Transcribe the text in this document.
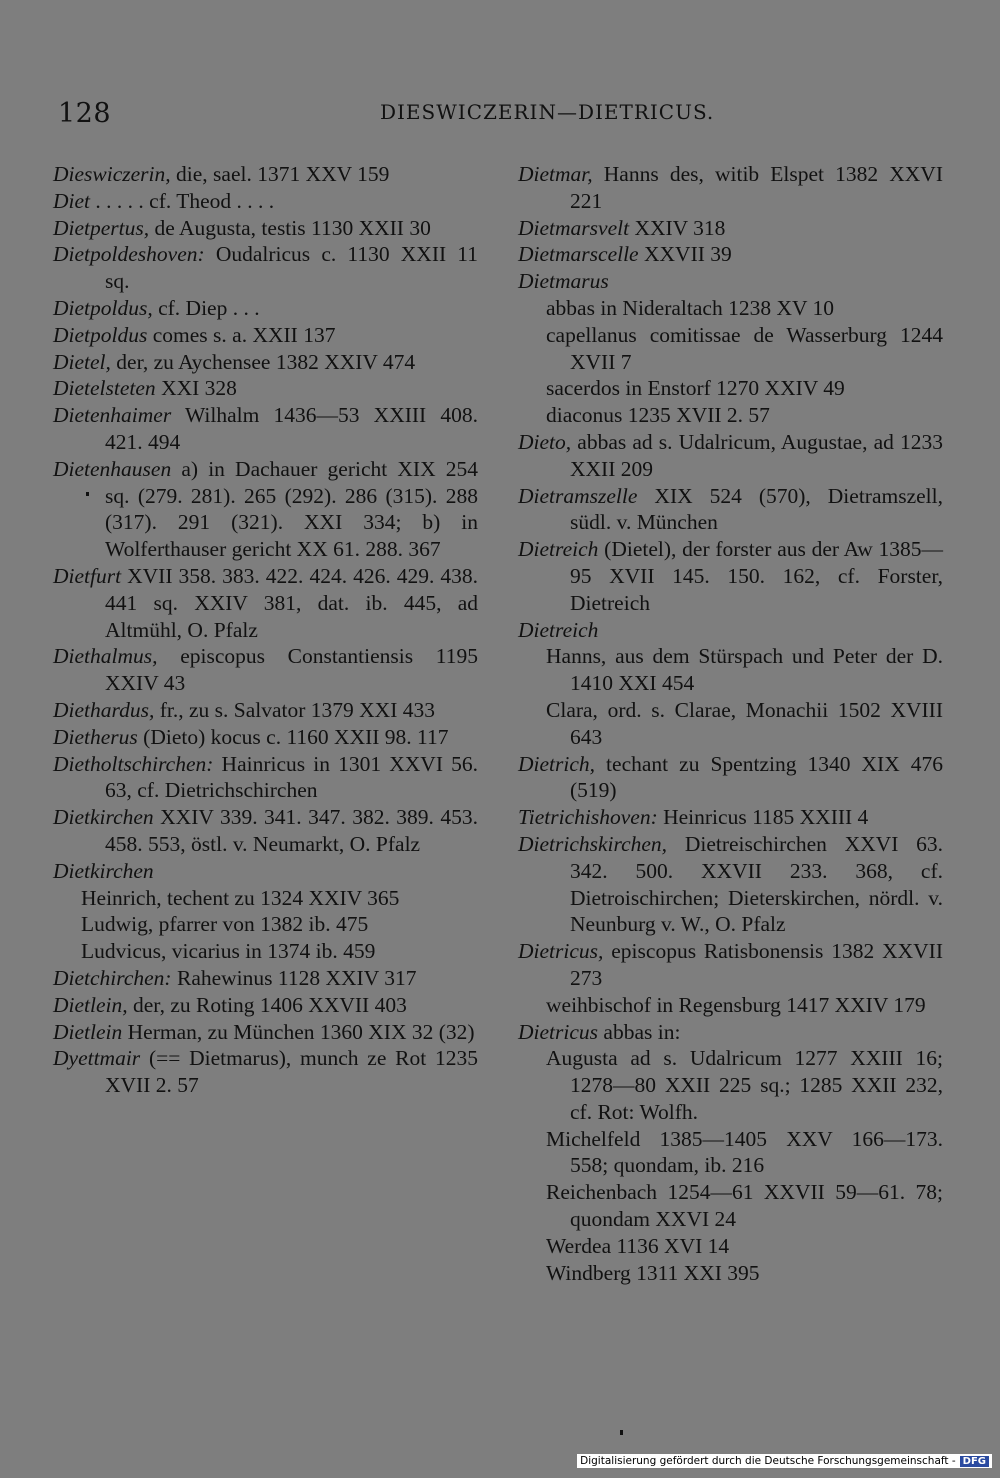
128	DIESWICZERIN—DIETRICUS.
Dieswiczerin, die, sael. 1371 XXV 159
Diet . . . . . cf. Theod . . . .
Dietpertus, de Augusta, testis 1130 XXII 30
Dietpoldeshoven: Oudalricus c. 1130 XXII 11 sq.
Dietpoldus, cf. Diep . . .
Dietpoldus comes s. a. XXII 137
Dietel, der, zu Aychensee 1382 XXIV 474
Dietelsteten XXI 328
Dietenhaimer Wilhalm 1436—53 XXIII 408. 421. 494
Dietenhausen a) in Dachauer gericht XIX 254 sq. (279. 281). 265 (292). 286 (315). 288 (317). 291 (321). XXI 334; b) in Wolferthauser gericht XX 61. 288. 367
Dietfurt XVII 358. 383. 422. 424. 426. 429. 438. 441 sq. XXIV 381, dat. ib. 445, ad Altmühl, O. Pfalz
Diethalmus, episcopus Constantiensis 1195 XXIV 43
Diethardus, fr., zu s. Salvator 1379 XXI 433
Dietherus (Dieto) kocus c. 1160 XXII 98. 117
Dietholtschirchen: Hainricus in 1301 XXVI 56. 63, cf. Dietrichschirchen
Dietkirchen XXIV 339. 341. 347. 382. 389. 453. 458. 553, östl. v. Neumarkt, O. Pfalz
Dietkirchen
Heinrich, techent zu 1324 XXIV 365
Ludwig, pfarrer von 1382 ib. 475
Ludvicus, vicarius in 1374 ib. 459
Dietchirchen: Rahewinus 1128 XXIV 317
Dietlein, der, zu Roting 1406 XXVII 403
Dietlein Herman, zu München 1360 XIX 32 (32)
Dyettmair (== Dietmarus), munch ze Rot 1235 XVII 2. 57
Dietmar, Hanns des, witib Elspet 1382 XXVI 221
Dietmarsvelt XXIV 318
Dietmarscelle XXVII 39
Dietmarus
abbas in Nideraltach 1238 XV 10
capellanus comitissae de Wasserburg 1244 XVII 7
sacerdos in Enstorf 1270 XXIV 49
diaconus 1235 XVII 2. 57
Dieto, abbas ad s. Udalricum, Augustae, ad 1233 XXII 209
Dietramszelle XIX 524 (570), Dietramszell, südl. v. München
Dietreich (Dietel), der forster aus der Aw 1385—95 XVII 145. 150. 162, cf. Forster, Dietreich
Dietreich
Hanns, aus dem Stürspach und Peter der D. 1410 XXI 454
Clara, ord. s. Clarae, Monachii 1502 XVIII 643
Dietrich, techant zu Spentzing 1340 XIX 476 (519)
Tietrichishoven: Heinricus 1185 XXIII 4
Dietrichskirchen, Dietreischirchen XXVI 63. 342. 500. XXVII 233. 368, cf. Dietroischirchen; Dieterskirchen, nördl. v. Neunburg v. W., O. Pfalz
Dietricus, episcopus Ratisbonensis 1382 XXVII 273
weihbischof in Regensburg 1417 XXIV 179
Dietricus abbas in:
Augusta ad s. Udalricum 1277 XXIII 16; 1278—80 XXII 225 sq.; 1285 XXII 232, cf. Rot: Wolfh.
Michelfeld 1385—1405 XXV 166—173. 558; quondam, ib. 216
Reichenbach 1254—61 XXVII 59—61. 78; quondam XXVI 24
Werdea 1136 XVI 14
Windberg 1311 XXI 395
Digitalisierung gefördert durch die Deutsche Forschungsgemeinschaft - DFG
